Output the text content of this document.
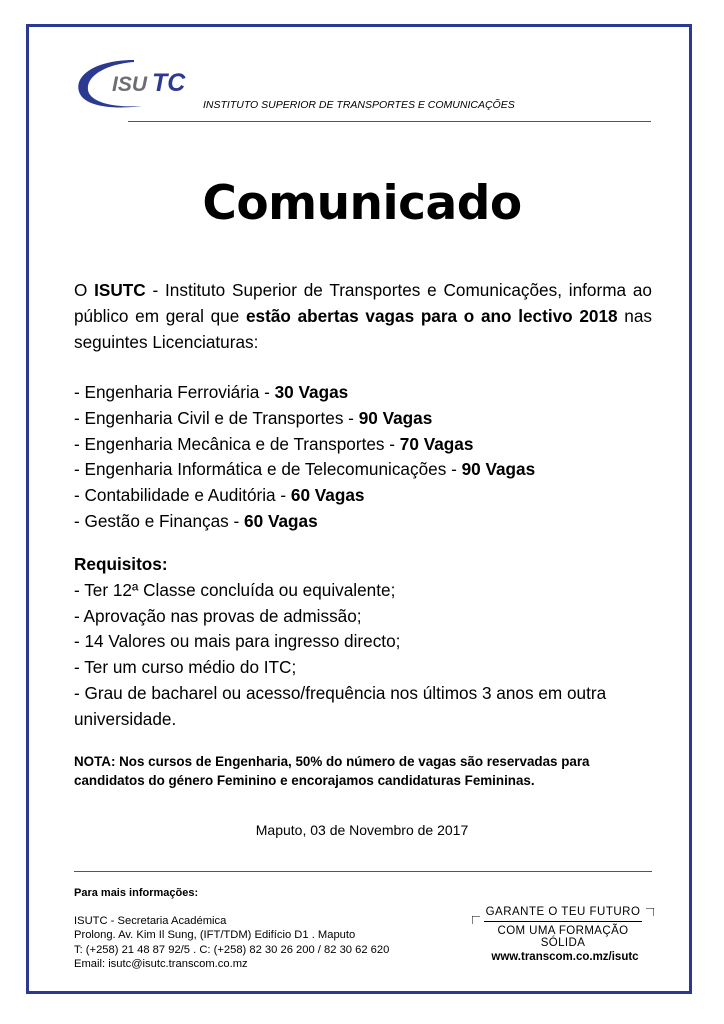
ISU TC
INSTITUTO SUPERIOR DE TRANSPORTES E COMUNICAÇÕES
Comunicado

O ISUTC - Instituto Superior de Transportes e Comunicações, informa ao público em geral que estão abertas vagas para o ano lectivo 2018 nas seguintes Licenciaturas:

- Engenharia Ferroviária - 30 Vagas
- Engenharia Civil e de Transportes - 90 Vagas
- Engenharia Mecânica e de Transportes - 70 Vagas
- Engenharia Informática e de Telecomunicações - 90 Vagas
- Contabilidade e Auditória - 60 Vagas
- Gestão e Finanças - 60 Vagas
Requisitos:
- Ter 12ª Classe concluída ou equivalente;
- Aprovação nas provas de admissão;
- 14 Valores ou mais para ingresso directo;
- Ter um curso médio do ITC;
- Grau de bacharel ou acesso/frequência nos últimos 3 anos em outra universidade.
NOTA: Nos cursos de Engenharia, 50% do número de vagas são reservadas para candidatos do género Feminino e encorajamos candidaturas Femininas.
Maputo, 03 de Novembro de 2017
Para mais informações:
ISUTC - Secretaria Académica
Prolong. Av. Kim Il Sung, (IFT/TDM) Edifício D1 . Maputo
T: (+258) 21 48 87 92/5 . C: (+258) 82 30 26 200 / 82 30 62 620
Email: isutc@isutc.transcom.co.mz
GARANTE O TEU FUTURO
COM UMA FORMAÇÃO SÓLIDA
www.transcom.co.mz/isutc
